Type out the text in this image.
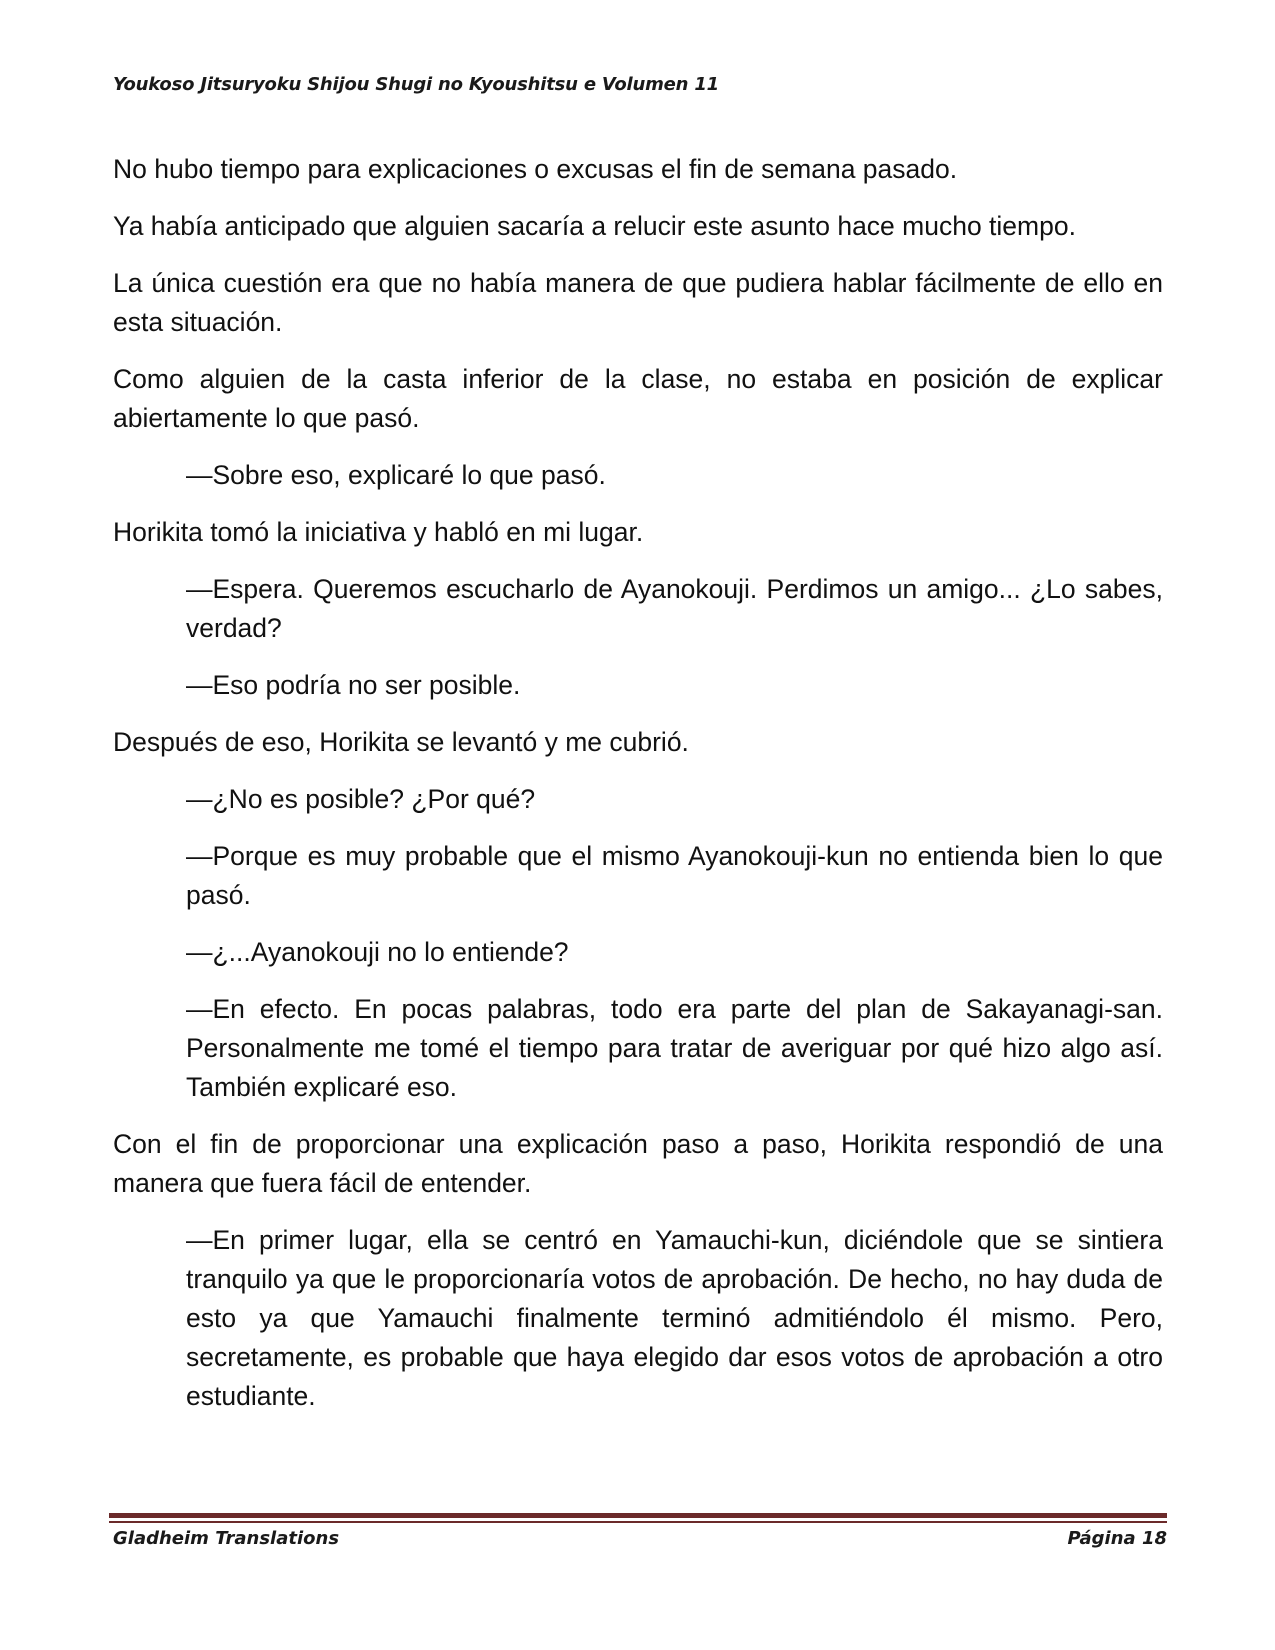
Youkoso Jitsuryoku Shijou Shugi no Kyoushitsu e Volumen 11

No hubo tiempo para explicaciones o excusas el fin de semana pasado.

Ya había anticipado que alguien sacaría a relucir este asunto hace mucho tiempo.

La única cuestión era que no había manera de que pudiera hablar fácilmente de ello en esta situación.

Como alguien de la casta inferior de la clase, no estaba en posición de explicar abiertamente lo que pasó.

—Sobre eso, explicaré lo que pasó.

Horikita tomó la iniciativa y habló en mi lugar.

—Espera. Queremos escucharlo de Ayanokouji. Perdimos un amigo... ¿Lo sabes, verdad?

—Eso podría no ser posible.

Después de eso, Horikita se levantó y me cubrió.

—¿No es posible? ¿Por qué?

—Porque es muy probable que el mismo Ayanokouji-kun no entienda bien lo que pasó.

—¿...Ayanokouji no lo entiende?

—En efecto. En pocas palabras, todo era parte del plan de Sakayanagi-san. Personalmente me tomé el tiempo para tratar de averiguar por qué hizo algo así. También explicaré eso.

Con el fin de proporcionar una explicación paso a paso, Horikita respondió de una manera que fuera fácil de entender.

—En primer lugar, ella se centró en Yamauchi-kun, diciéndole que se sintiera tranquilo ya que le proporcionaría votos de aprobación. De hecho, no hay duda de esto ya que Yamauchi finalmente terminó admitiéndolo él mismo. Pero, secretamente, es probable que haya elegido dar esos votos de aprobación a otro estudiante.

Gladheim Translations	Página 18
